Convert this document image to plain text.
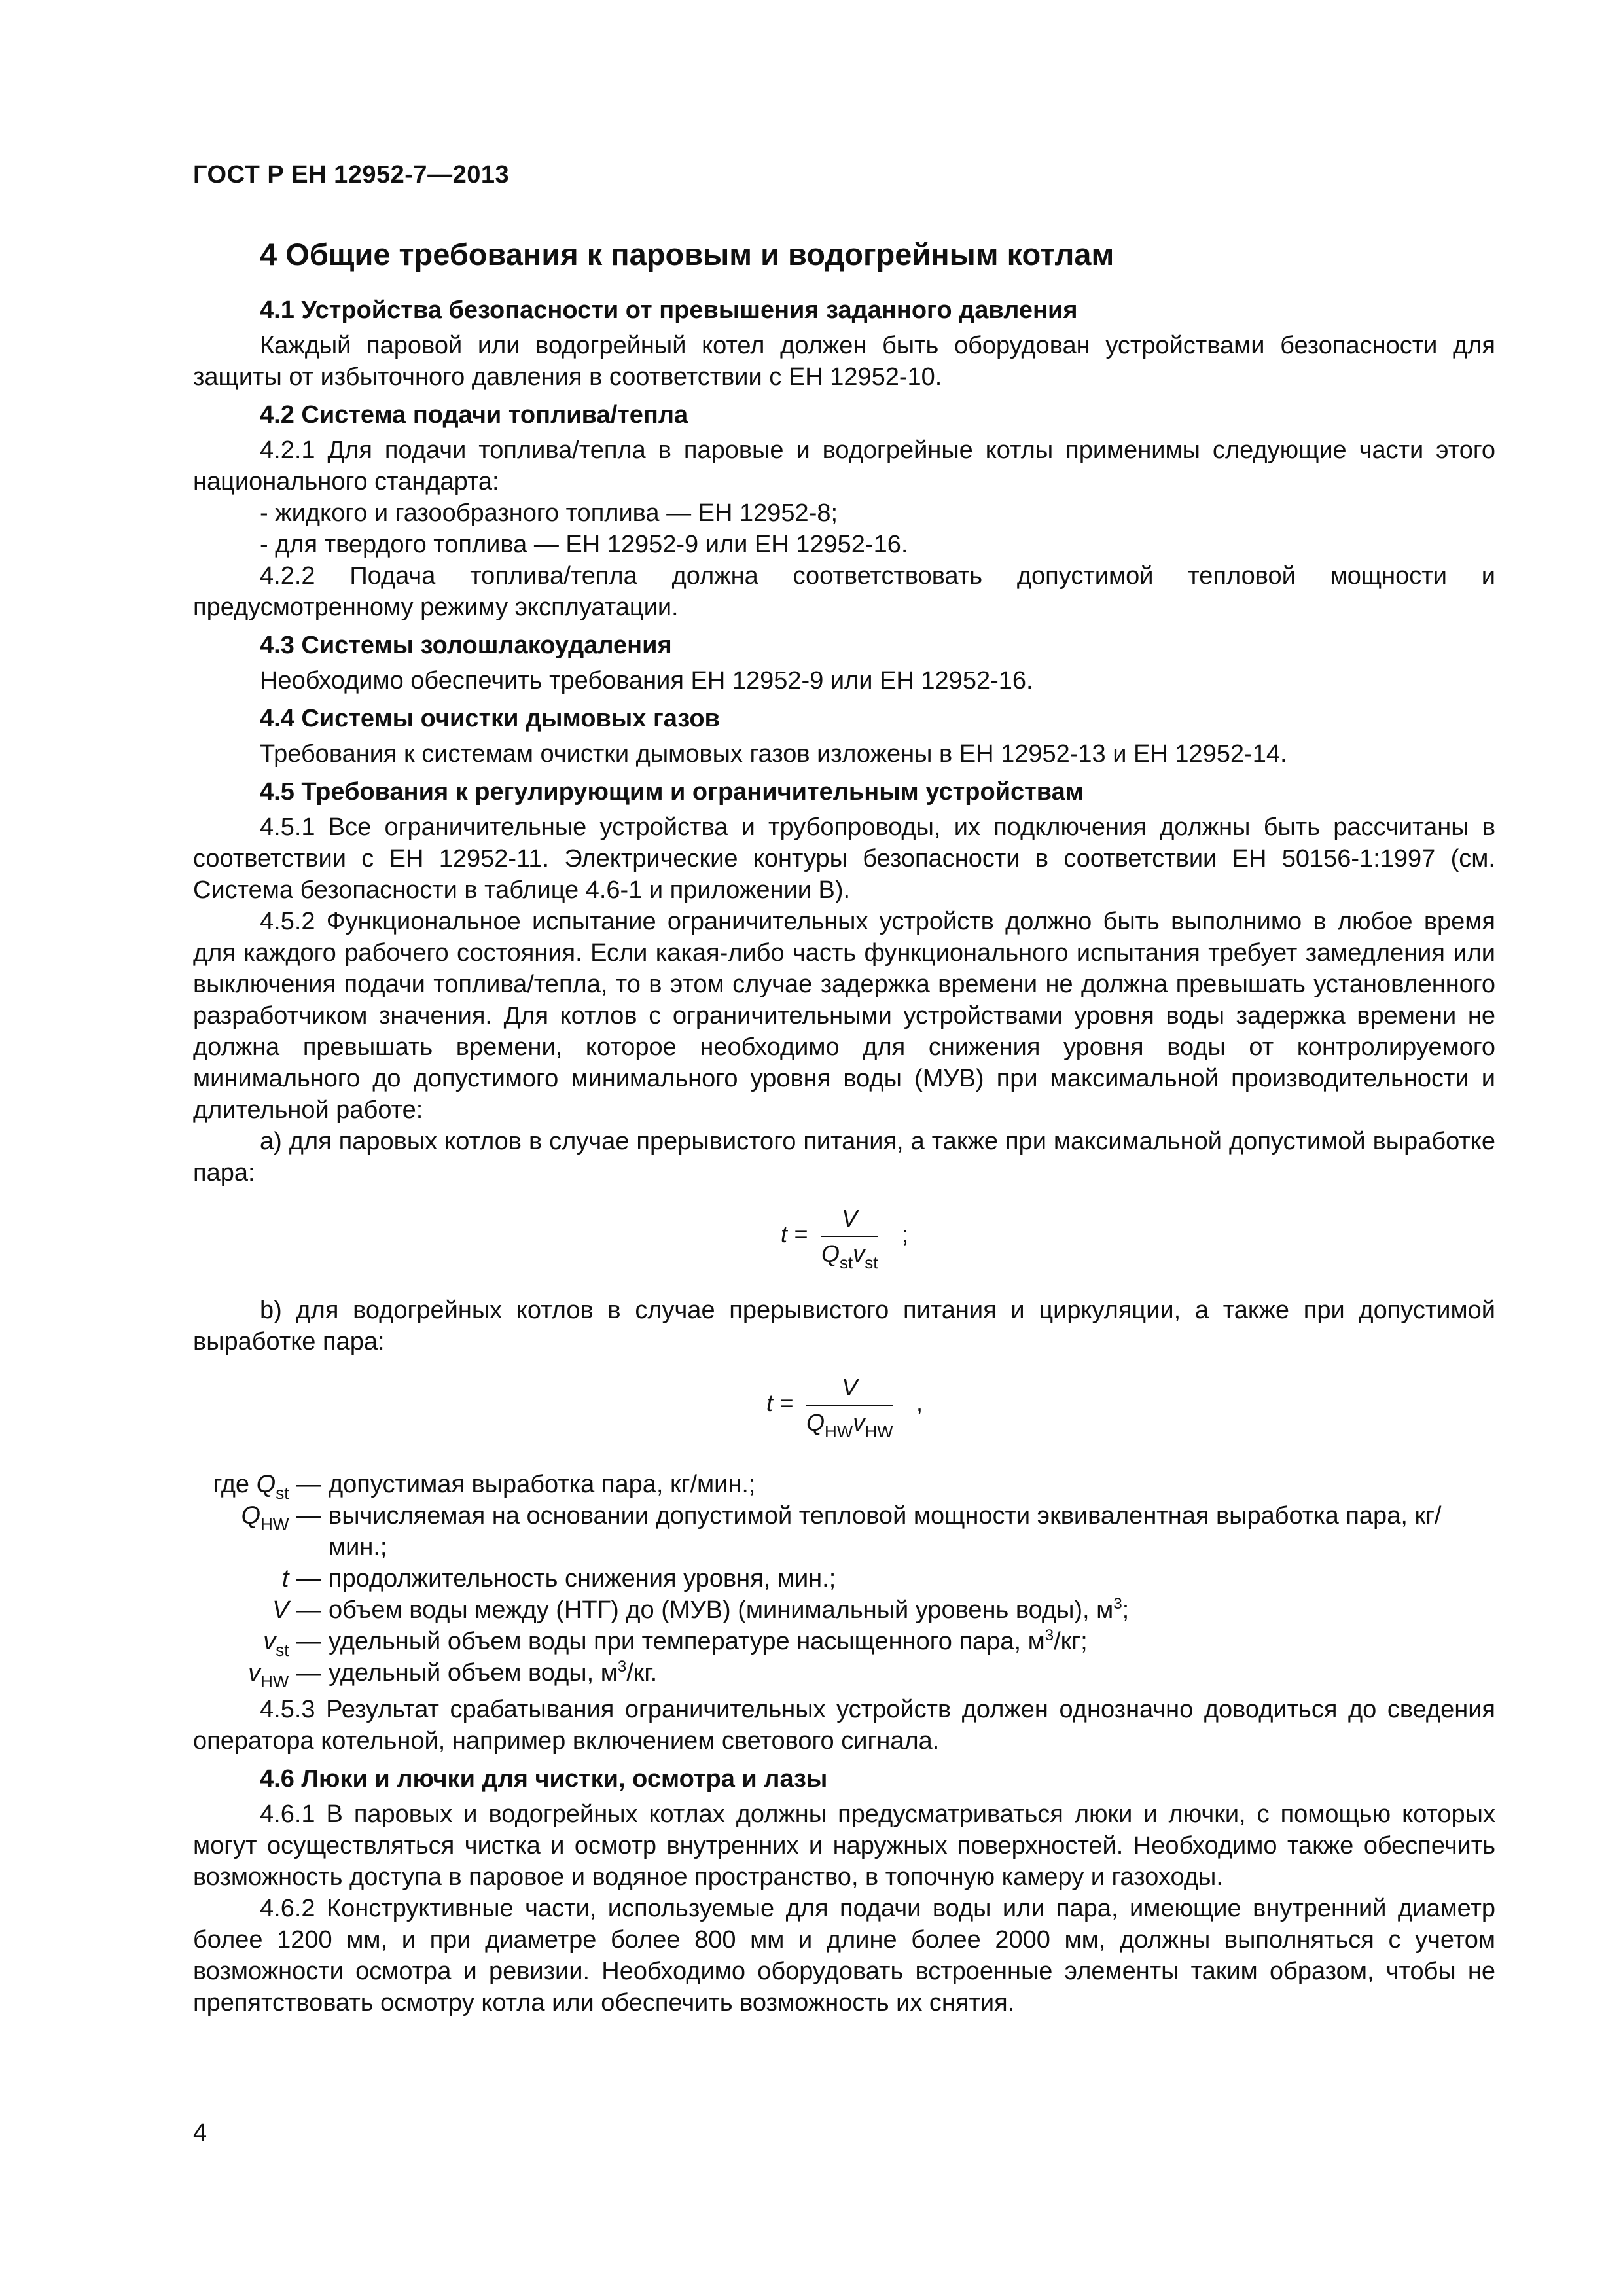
ГОСТ Р ЕН 12952-7—2013
4 Общие требования к паровым и водогрейным котлам
4.1 Устройства безопасности от превышения заданного давления

Каждый паровой или водогрейный котел должен быть оборудован устройствами безопасности для защиты от избыточного давления в соответствии с ЕН 12952-10.

4.2 Система подачи топлива/тепла

4.2.1 Для подачи топлива/тепла в паровые и водогрейные котлы применимы следующие части этого национального стандарта:

- жидкого и газообразного топлива — ЕН 12952-8;

- для твердого топлива — ЕН 12952-9 или ЕН 12952-16.

4.2.2 Подача топлива/тепла должна соответствовать допустимой тепловой мощности и предусмотренному режиму эксплуатации.

4.3 Системы золошлакоудаления

Необходимо обеспечить требования ЕН 12952-9 или ЕН 12952-16.

4.4 Системы очистки дымовых газов

Требования к системам очистки дымовых газов изложены в ЕН 12952-13 и ЕН 12952-14.

4.5 Требования к регулирующим и ограничительным устройствам

4.5.1 Все ограничительные устройства и трубопроводы, их подключения должны быть рассчитаны в соответствии с ЕН 12952-11. Электрические контуры безопасности в соответствии ЕН 50156-1:1997 (см. Система безопасности в таблице 4.6-1 и приложении В).

4.5.2 Функциональное испытание ограничительных устройств должно быть выполнимо в любое время для каждого рабочего состояния. Если какая-либо часть функционального испытания требует замедления или выключения подачи топлива/тепла, то в этом случае задержка времени не должна превышать установленного разработчиком значения. Для котлов с ограничительными устройствами уровня воды задержка времени не должна превышать времени, которое необходимо для снижения уровня воды от контролируемого минимального до допустимого минимального уровня воды (МУВ) при максимальной производительности и длительной работе:

а) для паровых котлов в случае прерывистого питания, а также при максимальной допустимой выработке пара:

t =
V
$Q_{st}v_{st}$
;

b) для водогрейных котлов в случае прерывистого питания и циркуляции, а также при допустимой выработке пара:

t =
V
$Q_{HW}v_{HW}$
,
где $Q_{st}$ — допустимая выработка пара, кг/мин.;
$Q_{HW}$ — вычисляемая на основании допустимой тепловой мощности эквивалентная выработка пара, кг/мин.;
t — продолжительность снижения уровня, мин.;
V — объем воды между (НТГ) до (МУВ) (минимальный уровень воды), $м^3$;
$v_{st}$ — удельный объем воды при температуре насыщенного пара, $м^3/кг$;
$v_{HW}$ — удельный объем воды, $м^3/кг$.

4.5.3 Результат срабатывания ограничительных устройств должен однозначно доводиться до сведения оператора котельной, например включением светового сигнала.

4.6 Люки и лючки для чистки, осмотра и лазы

4.6.1 В паровых и водогрейных котлах должны предусматриваться люки и лючки, с помощью которых могут осуществляться чистка и осмотр внутренних и наружных поверхностей. Необходимо также обеспечить возможность доступа в паровое и водяное пространство, в топочную камеру и газоходы.

4.6.2 Конструктивные части, используемые для подачи воды или пара, имеющие внутренний диаметр более 1200 мм, и при диаметре более 800 мм и длине более 2000 мм, должны выполняться с учетом возможности осмотра и ревизии. Необходимо оборудовать встроенные элементы таким образом, чтобы не препятствовать осмотру котла или обеспечить возможность их снятия.

4
